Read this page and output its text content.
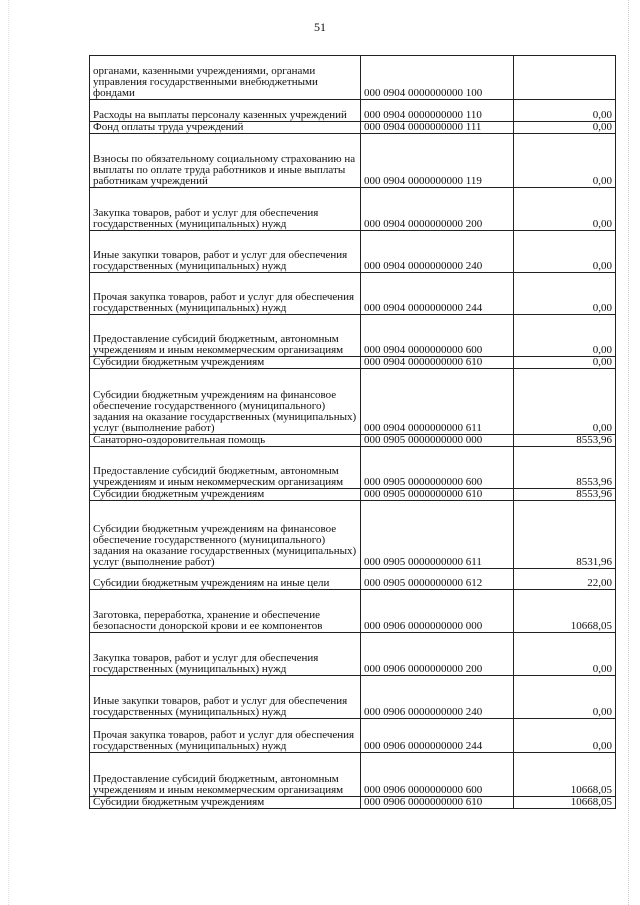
51
органами, казенными учреждениями, органами управления государственными внебюджетными фондами	000 0904 0000000000 100	
Расходы на выплаты персоналу казенных учреждений	000 0904 0000000000 110	0,00
Фонд оплаты труда учреждений	000 0904 0000000000 111	0,00
Взносы по обязательному социальному страхованию на выплаты по оплате труда работников и иные выплаты работникам учреждений	000 0904 0000000000 119	0,00
Закупка товаров, работ и услуг для обеспечения государственных (муниципальных) нужд	000 0904 0000000000 200	0,00
Иные закупки товаров, работ и услуг для обеспечения государственных (муниципальных) нужд	000 0904 0000000000 240	0,00
Прочая закупка товаров, работ и услуг для обеспечения государственных (муниципальных) нужд	000 0904 0000000000 244	0,00
Предоставление субсидий бюджетным, автономным учреждениям и иным некоммерческим организациям	000 0904 0000000000 600	0,00
Субсидии бюджетным учреждениям	000 0904 0000000000 610	0,00
Субсидии бюджетным учреждениям на финансовое обеспечение государственного (муниципального) задания на оказание государственных (муниципальных) услуг (выполнение работ)	000 0904 0000000000 611	0,00
Санаторно-оздоровительная помощь	000 0905 0000000000 000	8553,96
Предоставление субсидий бюджетным, автономным учреждениям и иным некоммерческим организациям	000 0905 0000000000 600	8553,96
Субсидии бюджетным учреждениям	000 0905 0000000000 610	8553,96
Субсидии бюджетным учреждениям на финансовое обеспечение государственного (муниципального) задания на оказание государственных (муниципальных) услуг (выполнение работ)	000 0905 0000000000 611	8531,96
Субсидии бюджетным учреждениям на иные цели	000 0905 0000000000 612	22,00
Заготовка, переработка, хранение и обеспечение безопасности донорской крови и ее компонентов	000 0906 0000000000 000	10668,05
Закупка товаров, работ и услуг для обеспечения государственных (муниципальных) нужд	000 0906 0000000000 200	0,00
Иные закупки товаров, работ и услуг для обеспечения государственных (муниципальных) нужд	000 0906 0000000000 240	0,00
Прочая закупка товаров, работ и услуг для обеспечения государственных (муниципальных) нужд	000 0906 0000000000 244	0,00
Предоставление субсидий бюджетным, автономным учреждениям и иным некоммерческим организациям	000 0906 0000000000 600	10668,05
Субсидии бюджетным учреждениям	000 0906 0000000000 610	10668,05
